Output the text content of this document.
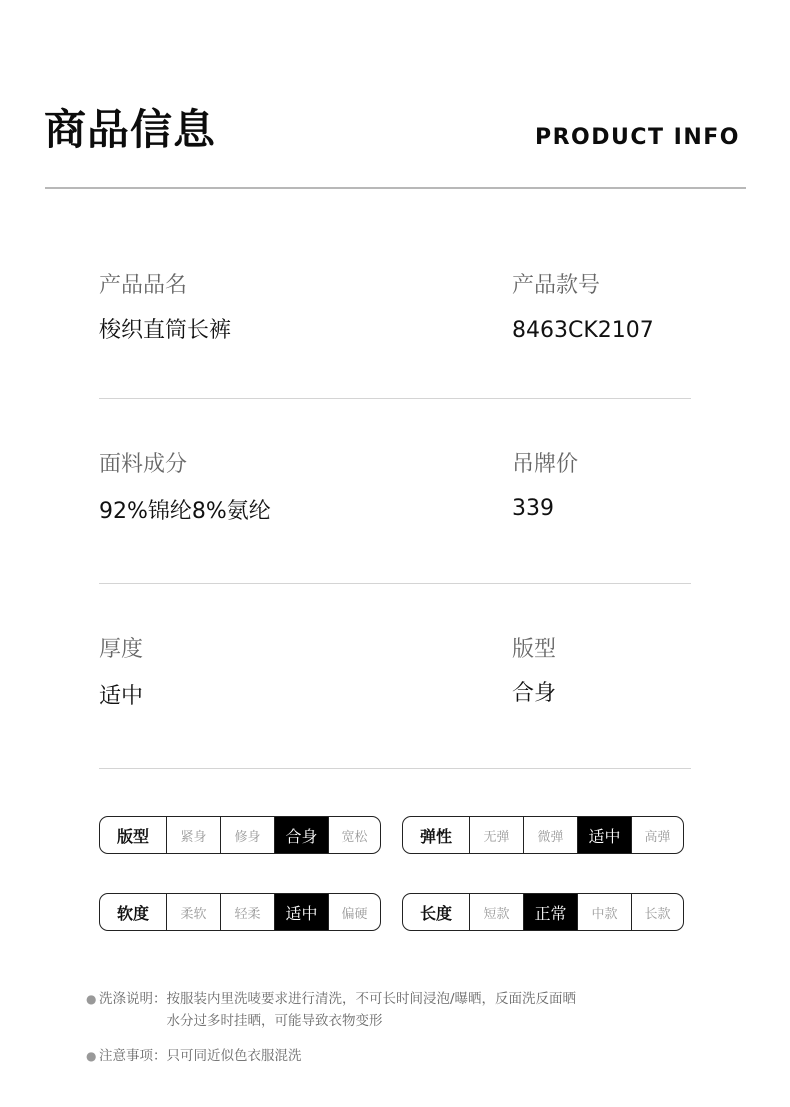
商品信息	PRODUCT INFO
产品品名
梭织直筒长裤
产品款号
8463CK2107
面料成分
92%锦纶8%氨纶
吊牌价
339
厚度
适中
版型
合身
版型	紧身	修身	合身	宽松	弹性	无弹	微弹	适中	高弹
软度	柔软	轻柔	适中	偏硬	长度	短款	正常	中款	长款
● 洗涤说明： 按服装内里洗唛要求进行清洗，不可长时间浸泡/曝晒，反面洗反面晒
水分过多时挂晒，可能导致衣物变形
● 注意事项： 只可同近似色衣服混洗
